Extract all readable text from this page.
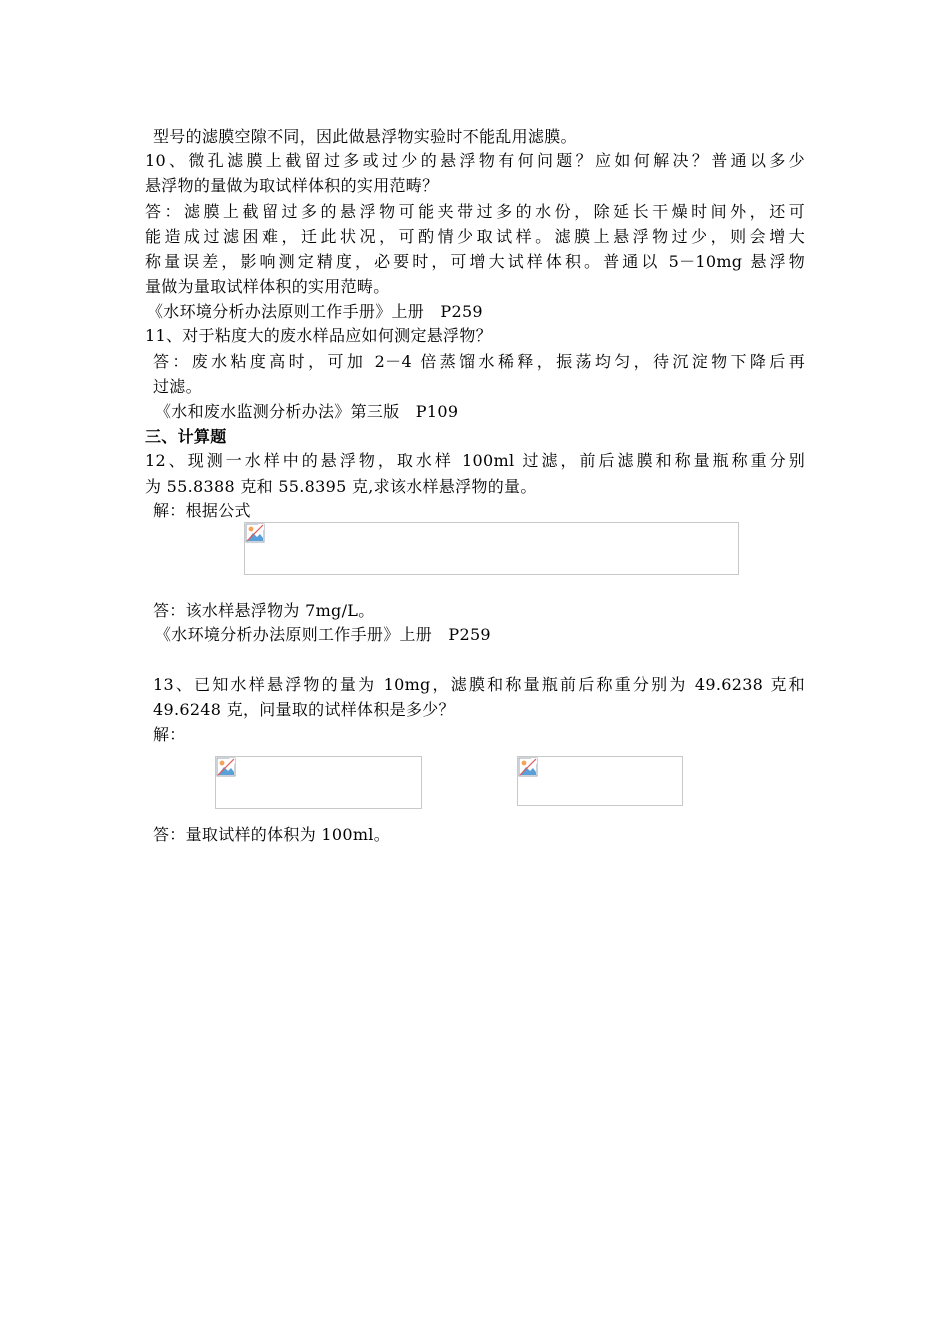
型号的滤膜空隙不同，因此做悬浮物实验时不能乱用滤膜。
10、微孔滤膜上截留过多或过少的悬浮物有何问题？应如何解决？普通以多少
悬浮物的量做为取试样体积的实用范畴？
答：滤膜上截留过多的悬浮物可能夹带过多的水份，除延长干燥时间外，还可
能造成过滤困难，迁此状况，可酌情少取试样。滤膜上悬浮物过少，则会增大
称量误差，影响测定精度，必要时，可增大试样体积。普通以 5－10mg 悬浮物
量做为量取试样体积的实用范畴。
《水环境分析办法原则工作手册》上册　P259
11、对于粘度大的废水样品应如何测定悬浮物？
答：废水粘度高时，可加 2－4 倍蒸馏水稀释，振荡均匀，待沉淀物下降后再
过滤。
《水和废水监测分析办法》第三版　P109
三、计算题
12、现测一水样中的悬浮物，取水样 100ml 过滤，前后滤膜和称量瓶称重分别
为 55.8388 克和 55.8395 克,求该水样悬浮物的量。
解：根据公式
答：该水样悬浮物为 7mg/L。
《水环境分析办法原则工作手册》上册　P259
13、已知水样悬浮物的量为 10mg，滤膜和称量瓶前后称重分别为 49.6238 克和
49.6248 克，问量取的试样体积是多少？
解：
答：量取试样的体积为 100ml。
